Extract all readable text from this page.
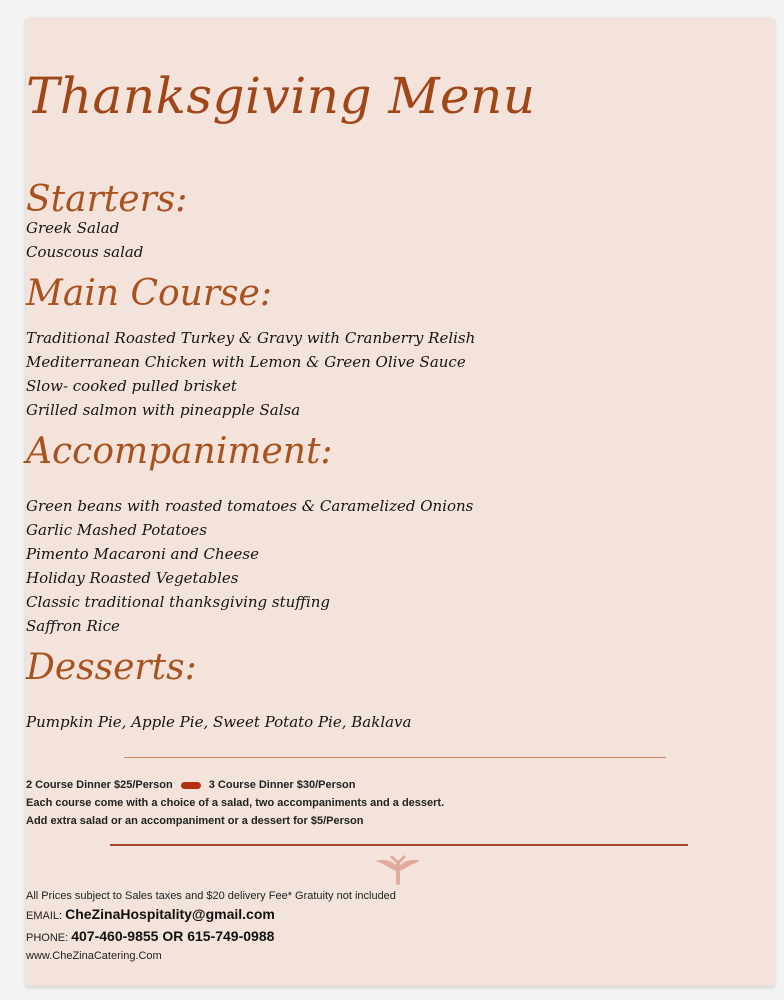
Thanksgiving Menu
Starters:
Greek Salad
Couscous salad
Main Course:
Traditional Roasted Turkey & Gravy with Cranberry Relish
Mediterranean Chicken with Lemon & Green Olive Sauce
Slow- cooked pulled brisket
Grilled salmon with pineapple Salsa
Accompaniment:
Green beans with roasted tomatoes & Caramelized Onions
Garlic Mashed Potatoes
Pimento Macaroni and Cheese
Holiday Roasted Vegetables
Classic traditional thanksgiving stuffing
Saffron Rice
Desserts:
Pumpkin Pie, Apple Pie, Sweet Potato Pie, Baklava
2 Course Dinner $25/Person	3 Course Dinner $30/Person
Each course come with a choice of a salad, two accompaniments and a dessert.
Add extra salad or an accompaniment or a dessert for $5/Person
All Prices subject to Sales taxes and $20 delivery Fee* Gratuity not included
EMAIL: CheZinaHospitality@gmail.com
PHONE: 407-460-9855 OR 615-749-0988
www.CheZinaCatering.Com
